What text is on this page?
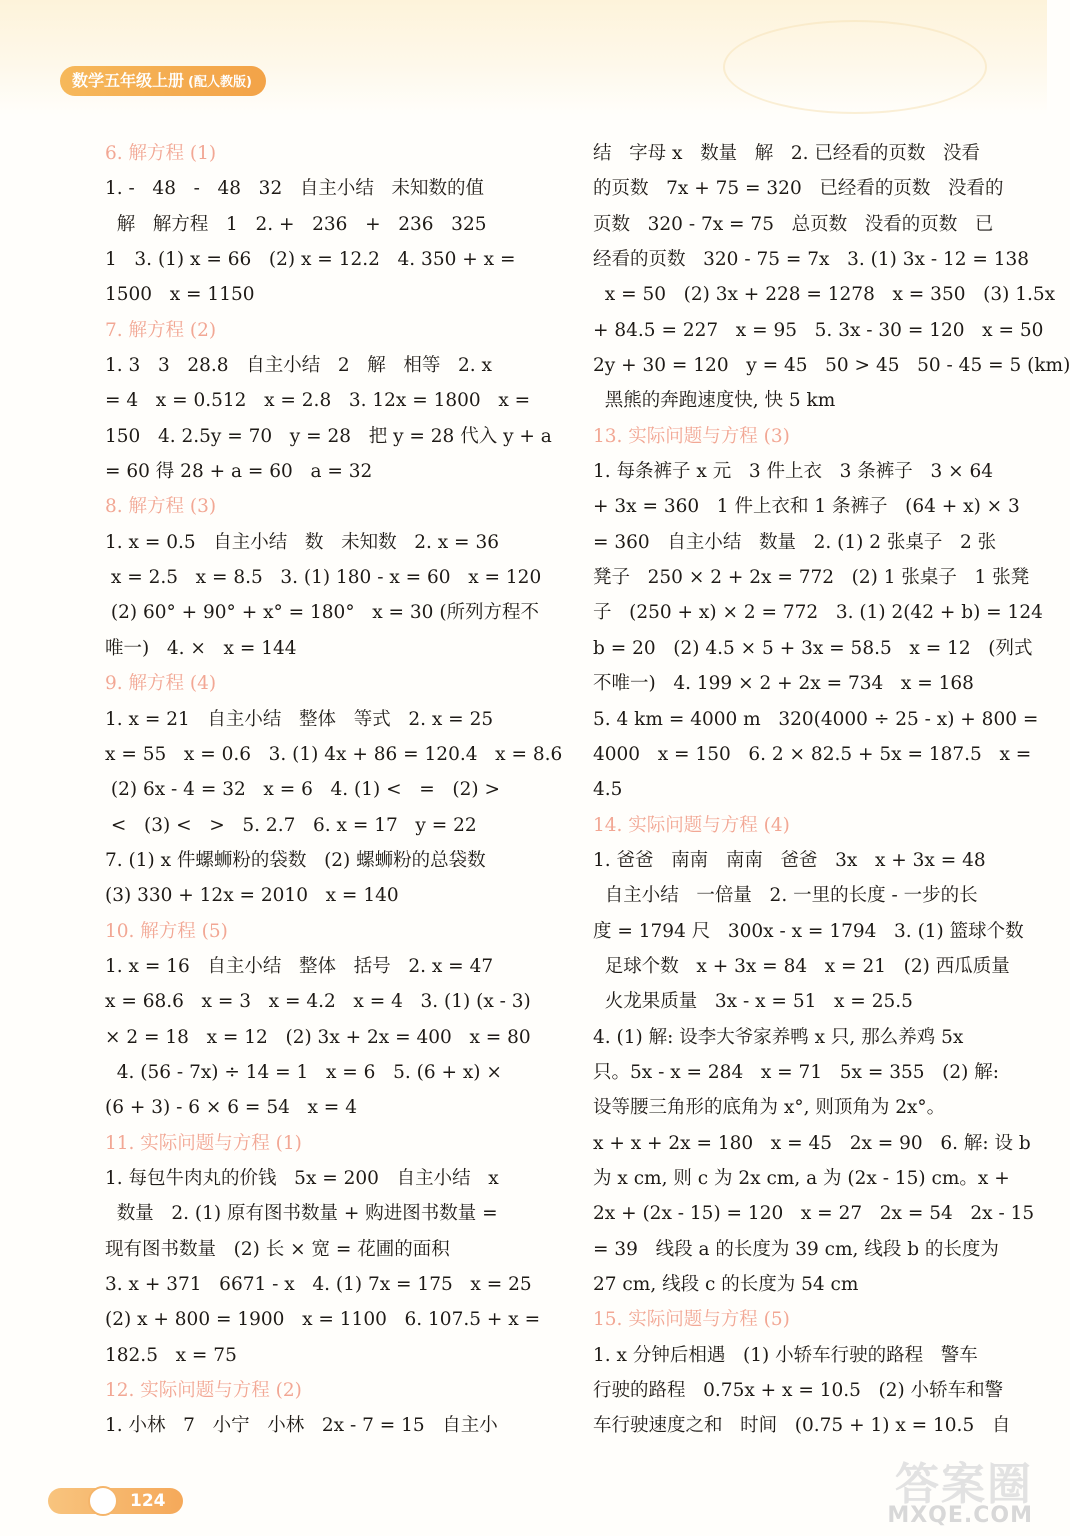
数学五年级上册 (配人教版)
6. 解方程 (1)
1. -   48   -   48   32   自主小结   未知数的值
解   解方程   1   2. +   236   +   236   325
1   3. (1) x = 66   (2) x = 12.2   4. 350 + x =
1500   x = 1150
7. 解方程 (2)
1. 3   3   28.8   自主小结   2   解   相等   2. x
= 4   x = 0.512   x = 2.8   3. 12x = 1800   x =
150   4. 2.5y = 70   y = 28   把 y = 28 代入 y + a
= 60 得 28 + a = 60   a = 32
8. 解方程 (3)
1. x = 0.5   自主小结   数   未知数   2. x = 36
x = 2.5   x = 8.5   3. (1) 180 - x = 60   x = 120
(2) 60° + 90° + x° = 180°   x = 30 (所列方程不
唯一)   4. ×   x = 144
9. 解方程 (4)
1. x = 21   自主小结   整体   等式   2. x = 25
x = 55   x = 0.6   3. (1) 4x + 86 = 120.4   x = 8.6
(2) 6x - 4 = 32   x = 6   4. (1) <   =   (2) >
<   (3) <   >   5. 2.7   6. x = 17   y = 22
7. (1) x 件螺蛳粉的袋数   (2) 螺蛳粉的总袋数
(3) 330 + 12x = 2010   x = 140
10. 解方程 (5)
1. x = 16   自主小结   整体   括号   2. x = 47
x = 68.6   x = 3   x = 4.2   x = 4   3. (1) (x - 3)
× 2 = 18   x = 12   (2) 3x + 2x = 400   x = 80
4. (56 - 7x) ÷ 14 = 1   x = 6   5. (6 + x) ×
(6 + 3) - 6 × 6 = 54   x = 4
11. 实际问题与方程 (1)
1. 每包牛肉丸的价钱   5x = 200   自主小结   x
数量   2. (1) 原有图书数量 + 购进图书数量 =
现有图书数量   (2) 长 × 宽 = 花圃的面积
3. x + 371   6671 - x   4. (1) 7x = 175   x = 25
(2) x + 800 = 1900   x = 1100   6. 107.5 + x =
182.5   x = 75
12. 实际问题与方程 (2)
1. 小林   7   小宁   小林   2x - 7 = 15   自主小
结   字母 x   数量   解   2. 已经看的页数   没看
的页数   7x + 75 = 320   已经看的页数   没看的
页数   320 - 7x = 75   总页数   没看的页数   已
经看的页数   320 - 75 = 7x   3. (1) 3x - 12 = 138
x = 50   (2) 3x + 228 = 1278   x = 350   (3) 1.5x
+ 84.5 = 227   x = 95   5. 3x - 30 = 120   x = 50
2y + 30 = 120   y = 45   50 > 45   50 - 45 = 5 (km)
黑熊的奔跑速度快, 快 5 km
13. 实际问题与方程 (3)
1. 每条裤子 x 元   3 件上衣   3 条裤子   3 × 64
+ 3x = 360   1 件上衣和 1 条裤子   (64 + x) × 3
= 360   自主小结   数量   2. (1) 2 张桌子   2 张
凳子   250 × 2 + 2x = 772   (2) 1 张桌子   1 张凳
子   (250 + x) × 2 = 772   3. (1) 2(42 + b) = 124
b = 20   (2) 4.5 × 5 + 3x = 58.5   x = 12   (列式
不唯一)   4. 199 × 2 + 2x = 734   x = 168
5. 4 km = 4000 m   320(4000 ÷ 25 - x) + 800 =
4000   x = 150   6. 2 × 82.5 + 5x = 187.5   x =
4.5
14. 实际问题与方程 (4)
1. 爸爸   南南   南南   爸爸   3x   x + 3x = 48
自主小结   一倍量   2. 一里的长度 - 一步的长
度 = 1794 尺   300x - x = 1794   3. (1) 篮球个数
足球个数   x + 3x = 84   x = 21   (2) 西瓜质量
火龙果质量   3x - x = 51   x = 25.5
4. (1) 解: 设李大爷家养鸭 x 只, 那么养鸡 5x
只。5x - x = 284   x = 71   5x = 355   (2) 解:
设等腰三角形的底角为 x°, 则顶角为 2x°。
x + x + 2x = 180   x = 45   2x = 90   6. 解: 设 b
为 x cm, 则 c 为 2x cm, a 为 (2x - 15) cm。x +
2x + (2x - 15) = 120   x = 27   2x = 54   2x - 15
= 39   线段 a 的长度为 39 cm, 线段 b 的长度为
27 cm, 线段 c 的长度为 54 cm
15. 实际问题与方程 (5)
1. x 分钟后相遇   (1) 小轿车行驶的路程   警车
行驶的路程   0.75x + x = 10.5   (2) 小轿车和警
车行驶速度之和   时间   (0.75 + 1) x = 10.5   自
124	答案圈
MXQE.COM
